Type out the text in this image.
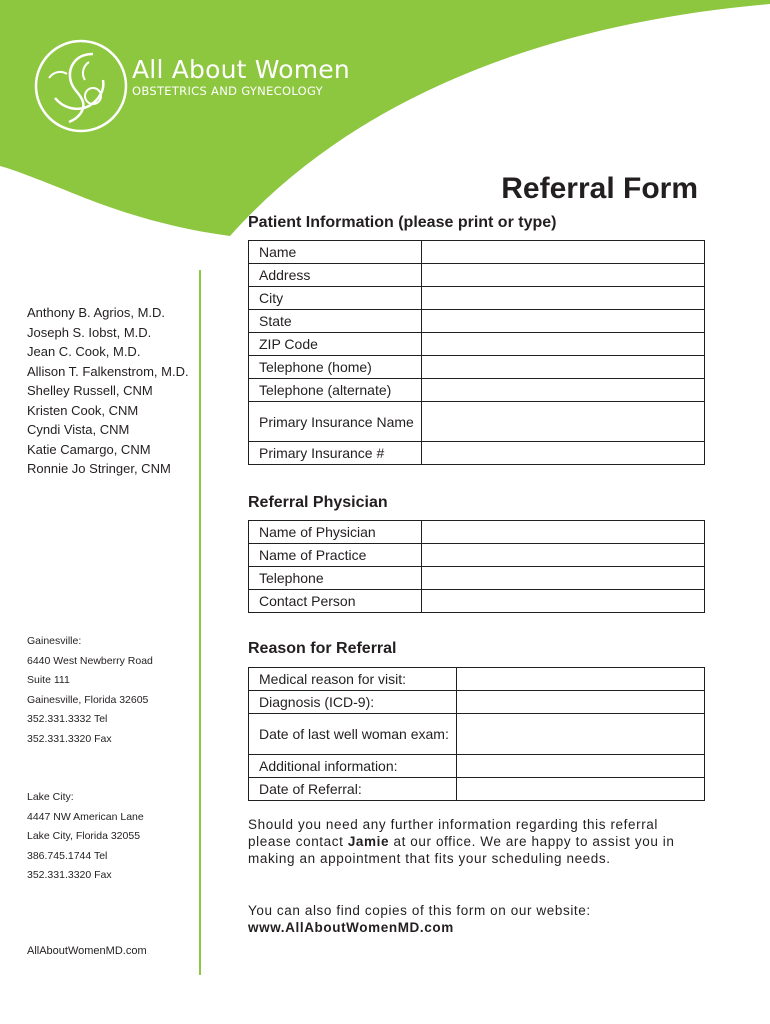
All About Women
OBSTETRICS AND GYNECOLOGY
Referral Form
Anthony B. Agrios, M.D.
Joseph S. Iobst, M.D.
Jean C. Cook, M.D.
Allison T. Falkenstrom, M.D.
Shelley Russell, CNM
Kristen Cook, CNM
Cyndi Vista, CNM
Katie Camargo, CNM
Ronnie Jo Stringer, CNM
Gainesville:
6440 West Newberry Road
Suite 111
Gainesville, Florida 32605
352.331.3332 Tel
352.331.3320 Fax
Lake City:
4447 NW American Lane
Lake City, Florida 32055
386.745.1744 Tel
352.331.3320 Fax
AllAboutWomenMD.com
Patient Information (please print or type)
Name	
Address	
City	
State	
ZIP Code	
Telephone (home)	
Telephone (alternate)	
Primary Insurance Name	
Primary Insurance #	
Referral Physician
Name of Physician	
Name of Practice	
Telephone	
Contact Person	
Reason for Referral
Medical reason for visit:	
Diagnosis (ICD-9):	
Date of last well woman exam:	
Additional information:	
Date of Referral:	
Should you need any further information regarding this referral please contact Jamie at our office. We are happy to assist you in making an appointment that fits your scheduling needs.
You can also find copies of this form on our website:
www.AllAboutWomenMD.com
